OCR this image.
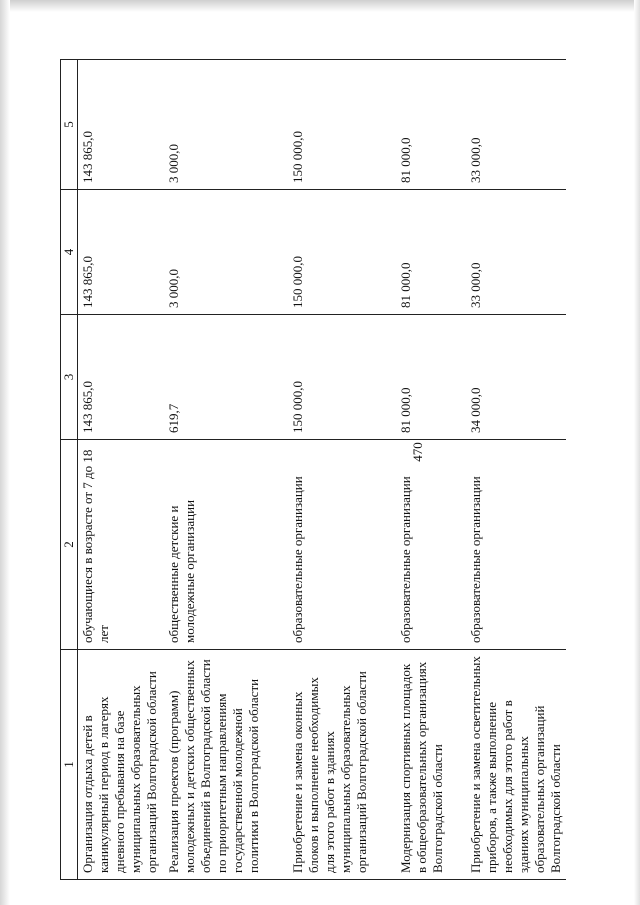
470
1	2	3	4	5
Организация отдыха детей в каникулярный период в лагерях дневного пребывания на базе муниципальных образовательных организаций Волгоградской области	обучающиеся в возрасте от 7 до 18 лет	143 865,0	143 865,0	143 865,0
Реализация проектов (программ) молодежных и детских общественных объединений в Волгоградской области по приоритетным направлениям государственной молодежной политики в Волгоградской области	общественные детские и молодежные организации	619,7	3 000,0	3 000,0
Приобретение и замена оконных блоков и выполнение необходимых для этого работ в зданиях муниципальных образовательных организаций Волгоградской области	образовательные организации	150 000,0	150 000,0	150 000,0
Модернизация спортивных площадок в общеобразовательных организациях Волгоградской области	образовательные организации	81 000,0	81 000,0	81 000,0
Приобретение и замена осветительных приборов, а также выполнение необходимых для этого работ в зданиях муниципальных образовательных организаций Волгоградской области	образовательные организации	34 000,0	33 000,0	33 000,0
